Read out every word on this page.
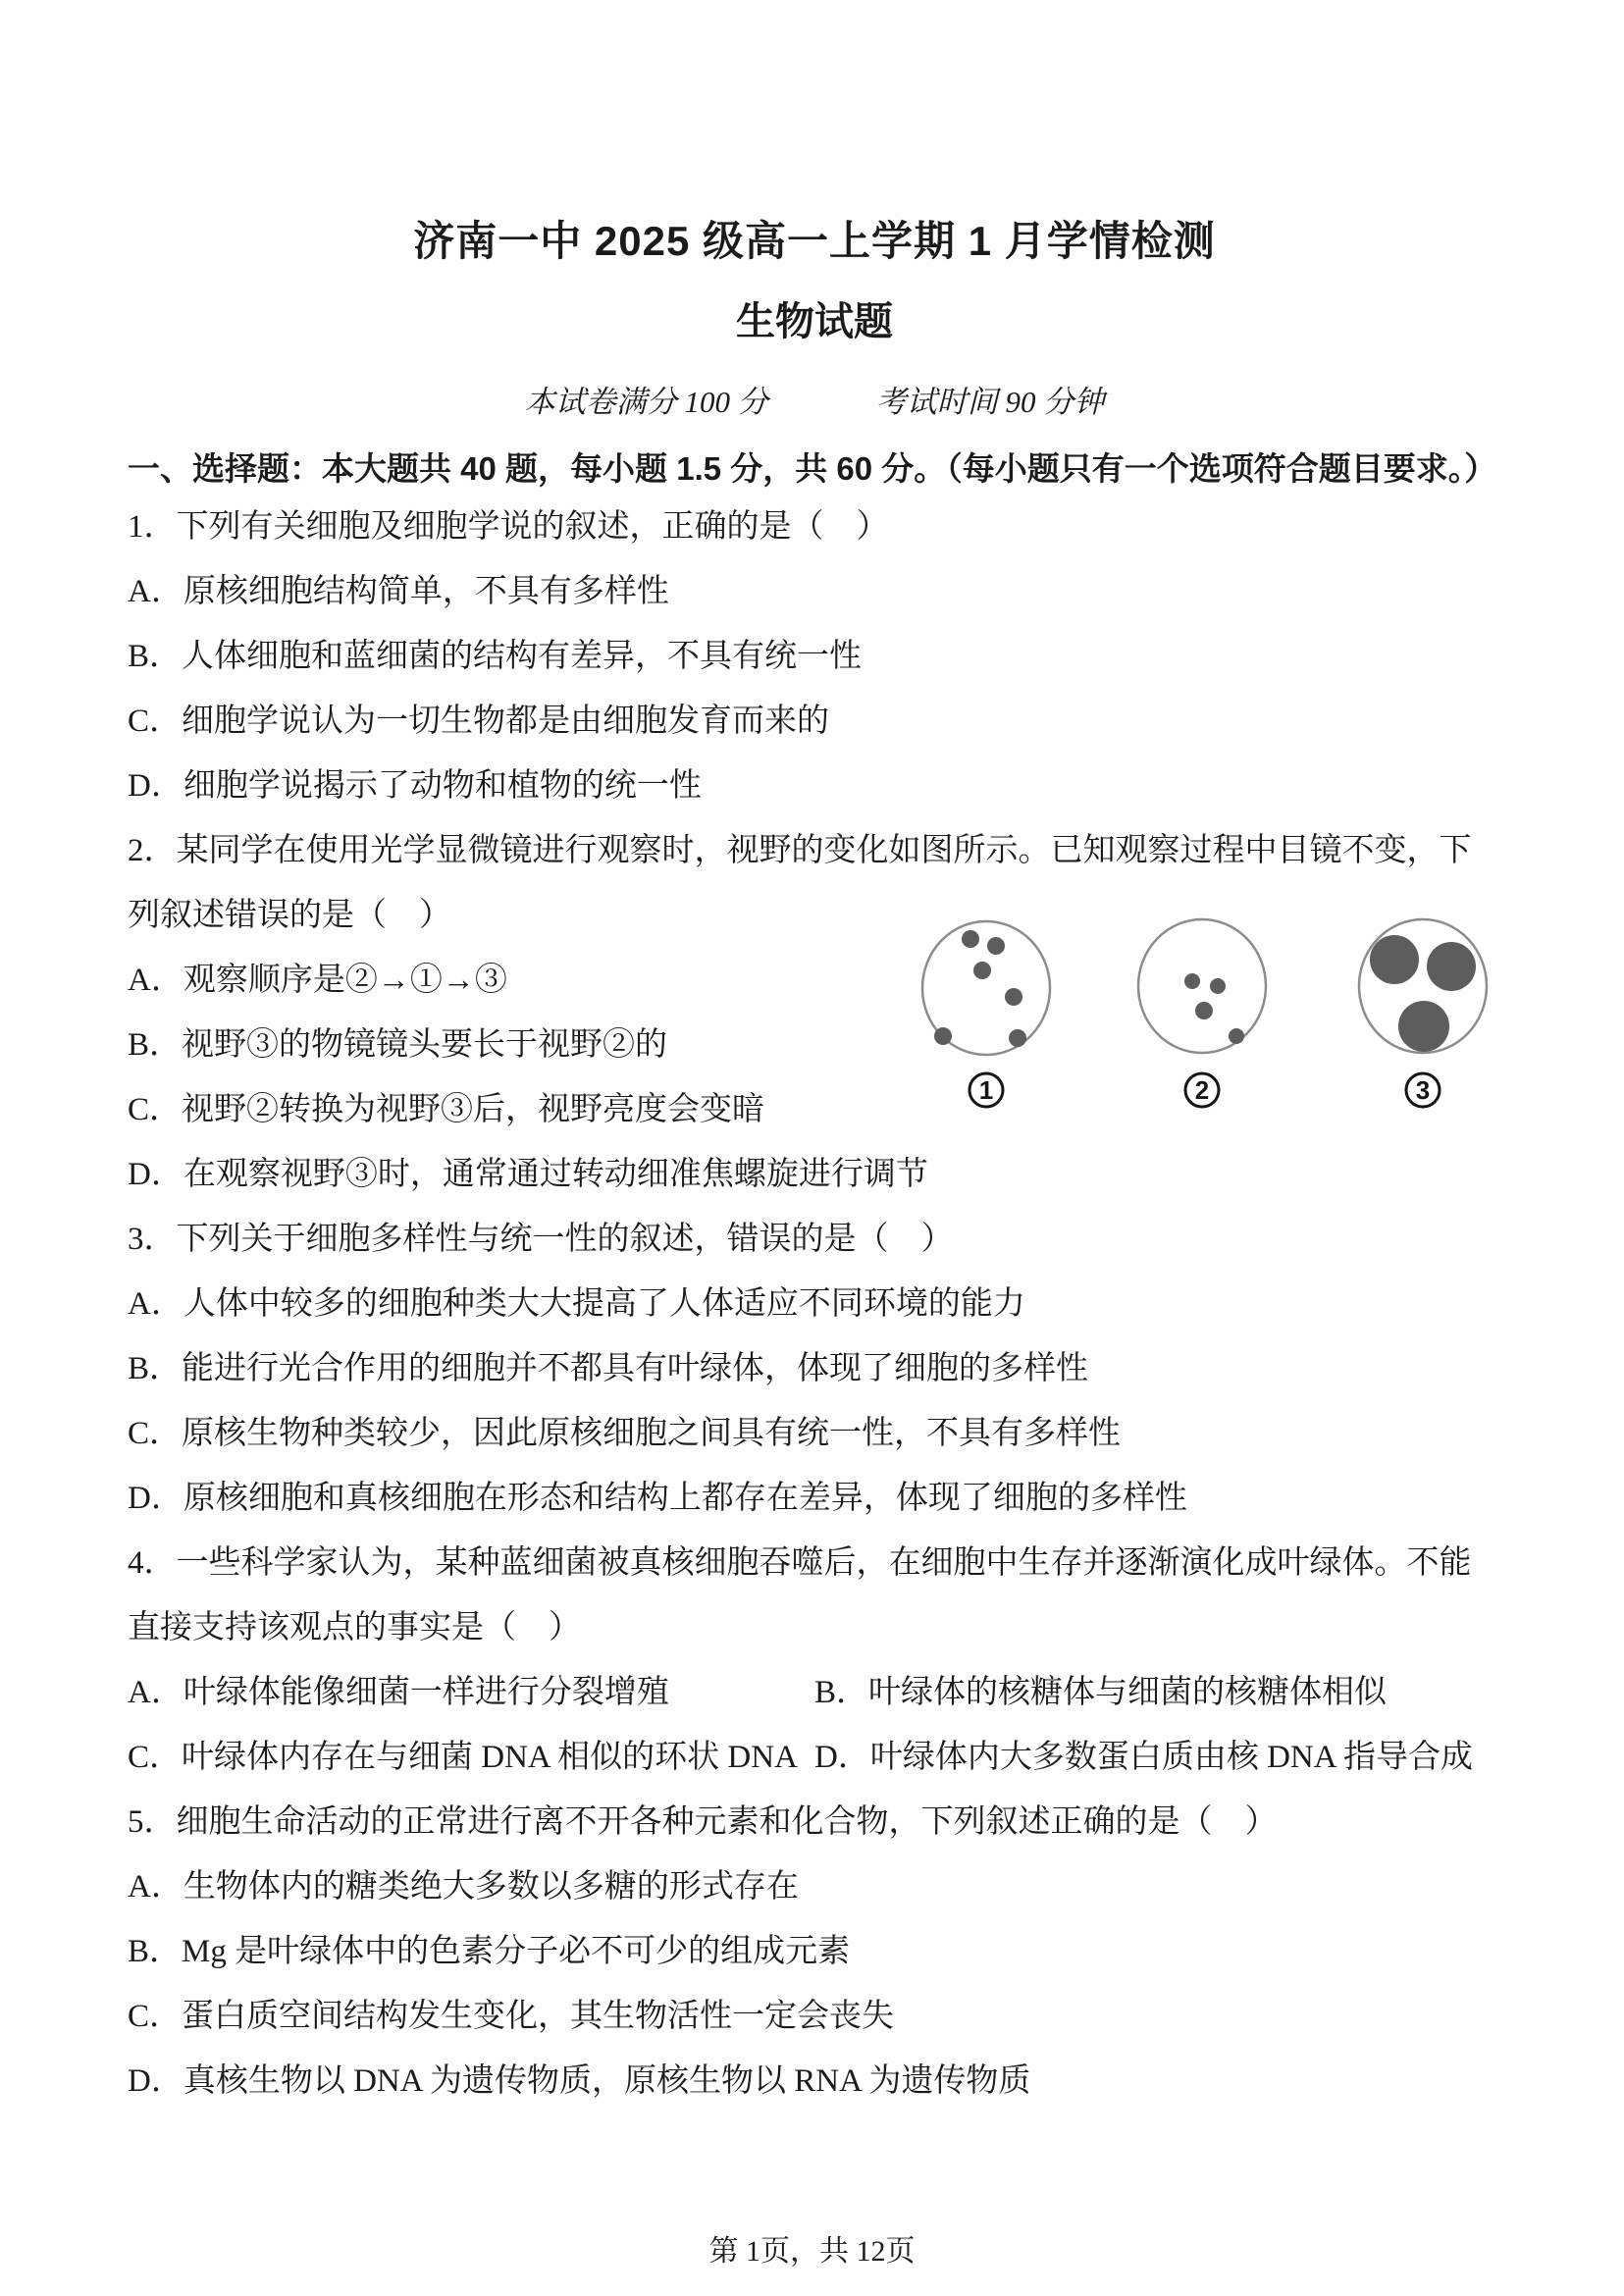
济南一中 2025 级高一上学期 1 月学情检测
生物试题

本试卷满分 100 分	考试时间 90 分钟

一、选择题：本大题共 40 题，每小题 1.5 分，共 60 分。（每小题只有一个选项符合题目要求。）

1．下列有关细胞及细胞学说的叙述，正确的是（　）

A．原核细胞结构简单，不具有多样性

B．人体细胞和蓝细菌的结构有差异，不具有统一性

C．细胞学说认为一切生物都是由细胞发育而来的

D．细胞学说揭示了动物和植物的统一性

2．某同学在使用光学显微镜进行观察时，视野的变化如图所示。已知观察过程中目镜不变，下

列叙述错误的是（　）

A．观察顺序是②→①→③

B．视野③的物镜镜头要长于视野②的

C．视野②转换为视野③后，视野亮度会变暗

D．在观察视野③时，通常通过转动细准焦螺旋进行调节

3．下列关于细胞多样性与统一性的叙述，错误的是（　）

A．人体中较多的细胞种类大大提高了人体适应不同环境的能力

B．能进行光合作用的细胞并不都具有叶绿体，体现了细胞的多样性

C．原核生物种类较少，因此原核细胞之间具有统一性，不具有多样性

D．原核细胞和真核细胞在形态和结构上都存在差异，体现了细胞的多样性

4．一些科学家认为，某种蓝细菌被真核细胞吞噬后，在细胞中生存并逐渐演化成叶绿体。不能

直接支持该观点的事实是（　）

A．叶绿体能像细菌一样进行分裂增殖	B．叶绿体的核糖体与细菌的核糖体相似

C．叶绿体内存在与细菌 DNA 相似的环状 DNA D．叶绿体内大多数蛋白质由核 DNA 指导合成

5．细胞生命活动的正常进行离不开各种元素和化合物，下列叙述正确的是（　）

A．生物体内的糖类绝大多数以多糖的形式存在

B．Mg 是叶绿体中的色素分子必不可少的组成元素

C．蛋白质空间结构发生变化，其生物活性一定会丧失

D．真核生物以 DNA 为遗传物质，原核生物以 RNA 为遗传物质

1	2	3

第 1页，共 12页
